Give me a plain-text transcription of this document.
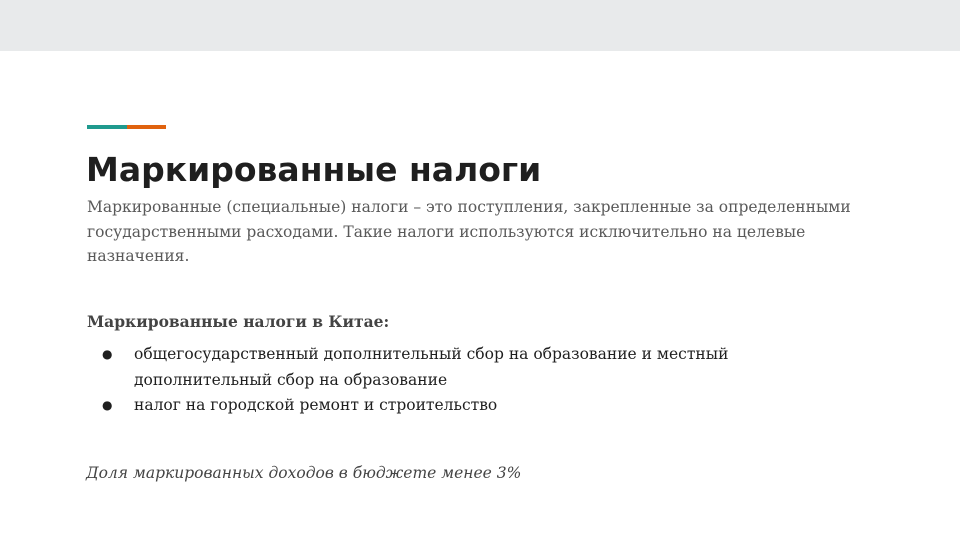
Маркированные налоги

Маркированные (специальные) налоги – это поступления, закрепленные за определенными государственными расходами. Такие налоги используются исключительно на целевые назначения.

Маркированные налоги в Китае:

● общегосударственный дополнительный сбор на образование и местный дополнительный сбор на образование
● налог на городской ремонт и строительство

Доля маркированных доходов в бюджете менее 3%
